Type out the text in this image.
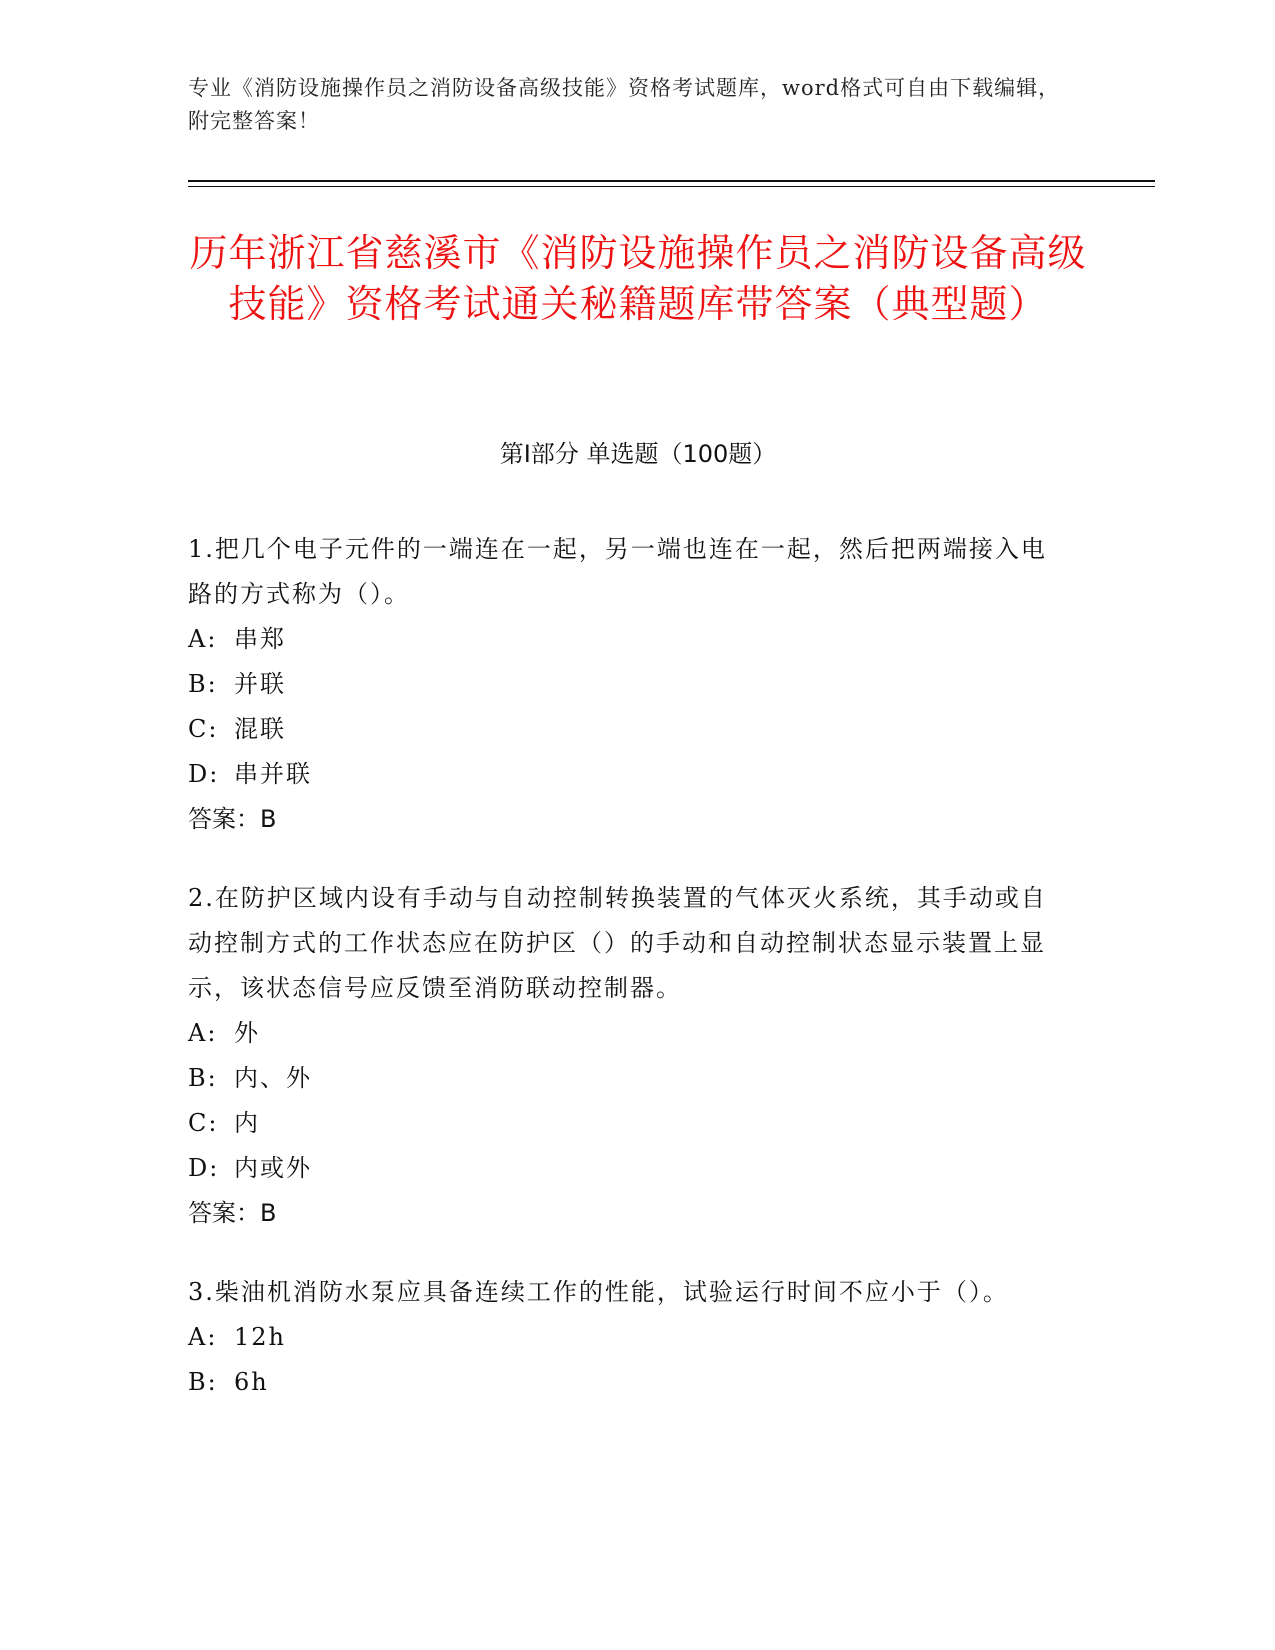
专业《消防设施操作员之消防设备高级技能》资格考试题库，word格式可自由下载编辑，附完整答案！
历年浙江省慈溪市《消防设施操作员之消防设备高级技能》资格考试通关秘籍题库带答案（典型题）
第I部分 单选题（100题）

1.把几个电子元件的一端连在一起，另一端也连在一起，然后把两端接入电路的方式称为（）。

A: 串郑

B: 并联

C: 混联

D: 串并联

答案：B

2.在防护区域内设有手动与自动控制转换装置的气体灭火系统，其手动或自动控制方式的工作状态应在防护区（）的手动和自动控制状态显示装置上显示，该状态信号应反馈至消防联动控制器。

A: 外

B: 内、外

C: 内

D: 内或外

答案：B

3.柴油机消防水泵应具备连续工作的性能，试验运行时间不应小于（）。

A: 12h

B: 6h
